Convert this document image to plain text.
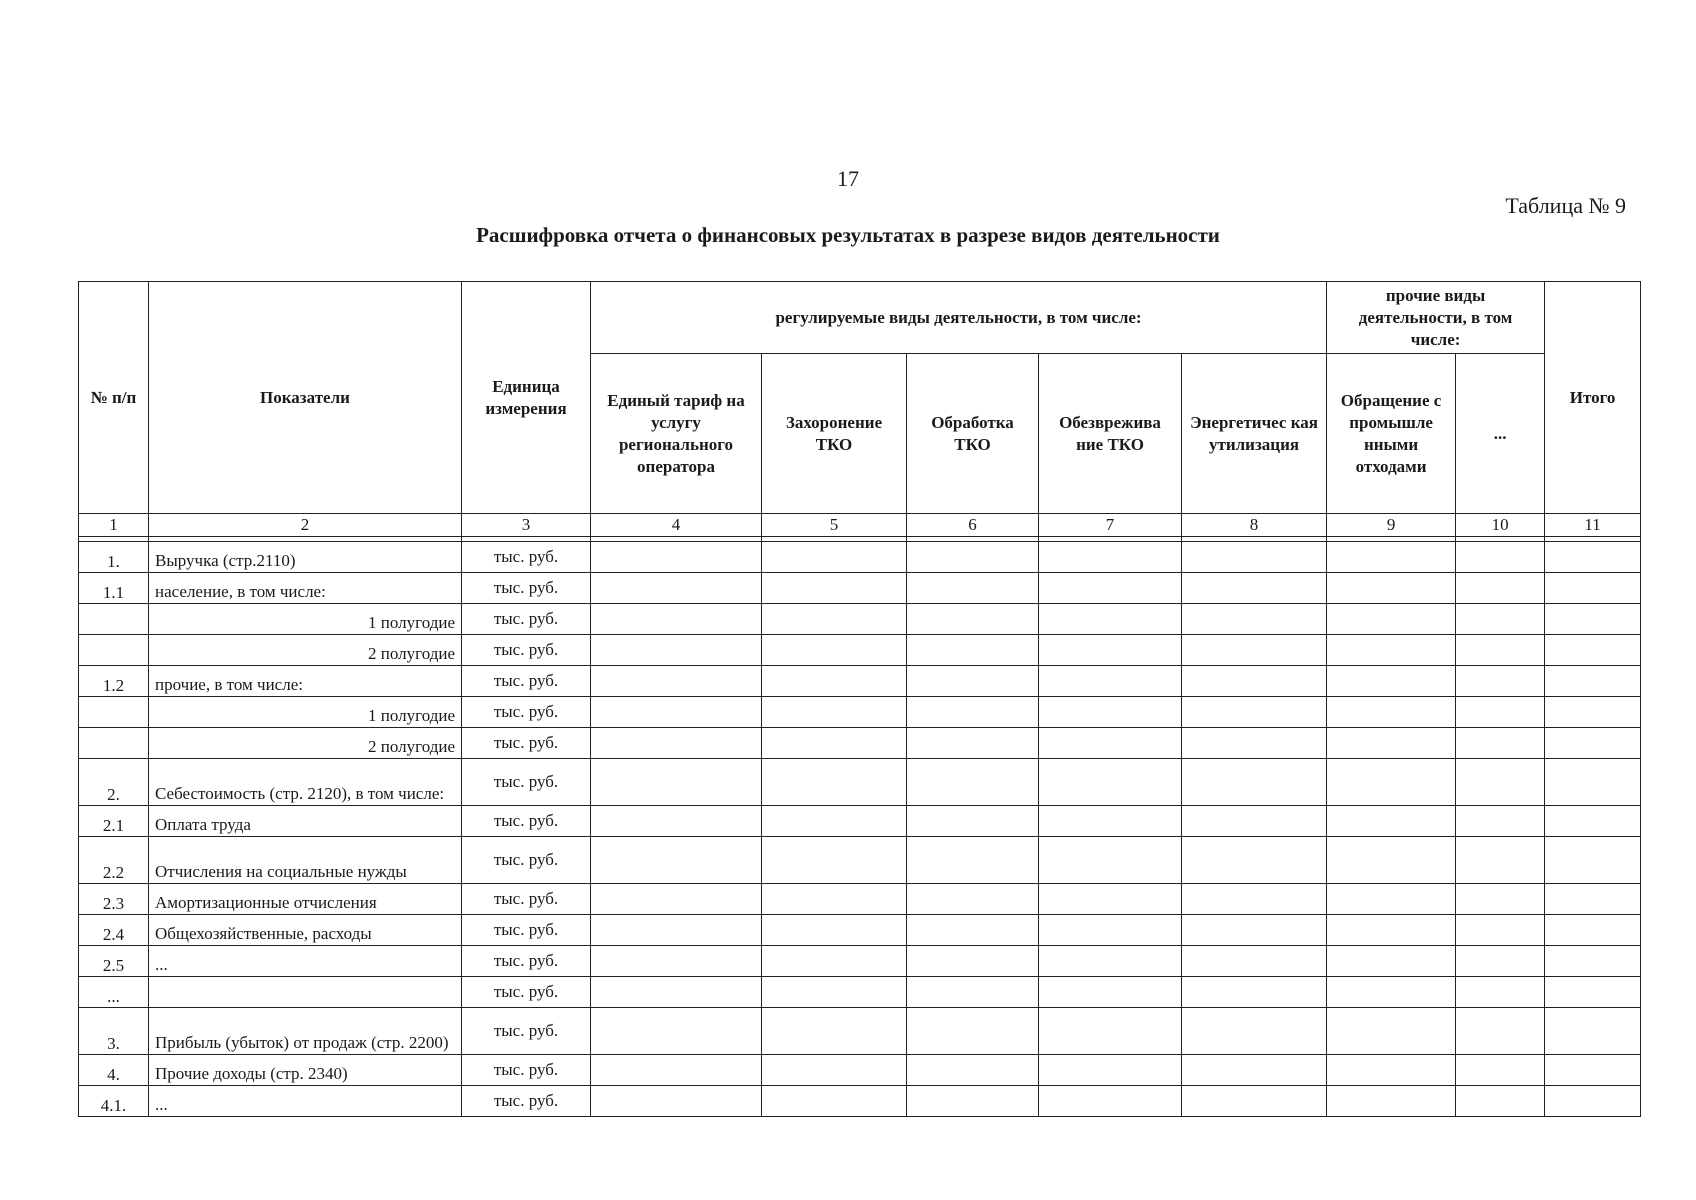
17
Таблица № 9
Расшифровка отчета о финансовых результатах в разрезе видов деятельности
№ п/п	Показатели	Единица измерения	регулируемые виды деятельности, в том числе:					прочие виды деятельности, в том числе:		Итого
			Единый тариф на услугу регионального оператора	Захоронение ТКО	Обработка ТКО	Обезврежива ние ТКО	Энергетичес кая утилизация	Обращение с промышле нными отходами	...	
1	2	3	4	5	6	7	8	9	10	11

1.	Выручка (стр.2110)	тыс. руб.								
1.1	население, в том числе:	тыс. руб.								
	1 полугодие	тыс. руб.								
	2 полугодие	тыс. руб.								
1.2	прочие, в том числе:	тыс. руб.								
	1 полугодие	тыс. руб.								
	2 полугодие	тыс. руб.								
2.	Себестоимость (стр. 2120), в том числе:	тыс. руб.								
2.1	Оплата труда	тыс. руб.								
2.2	Отчисления на социальные нужды	тыс. руб.								
2.3	Амортизационные отчисления	тыс. руб.								
2.4	Общехозяйственные, расходы	тыс. руб.								
2.5	...	тыс. руб.								
...		тыс. руб.								
3.	Прибыль (убыток) от продаж (стр. 2200)	тыс. руб.								
4.	Прочие доходы (стр. 2340)	тыс. руб.								
4.1.	...	тыс. руб.								
